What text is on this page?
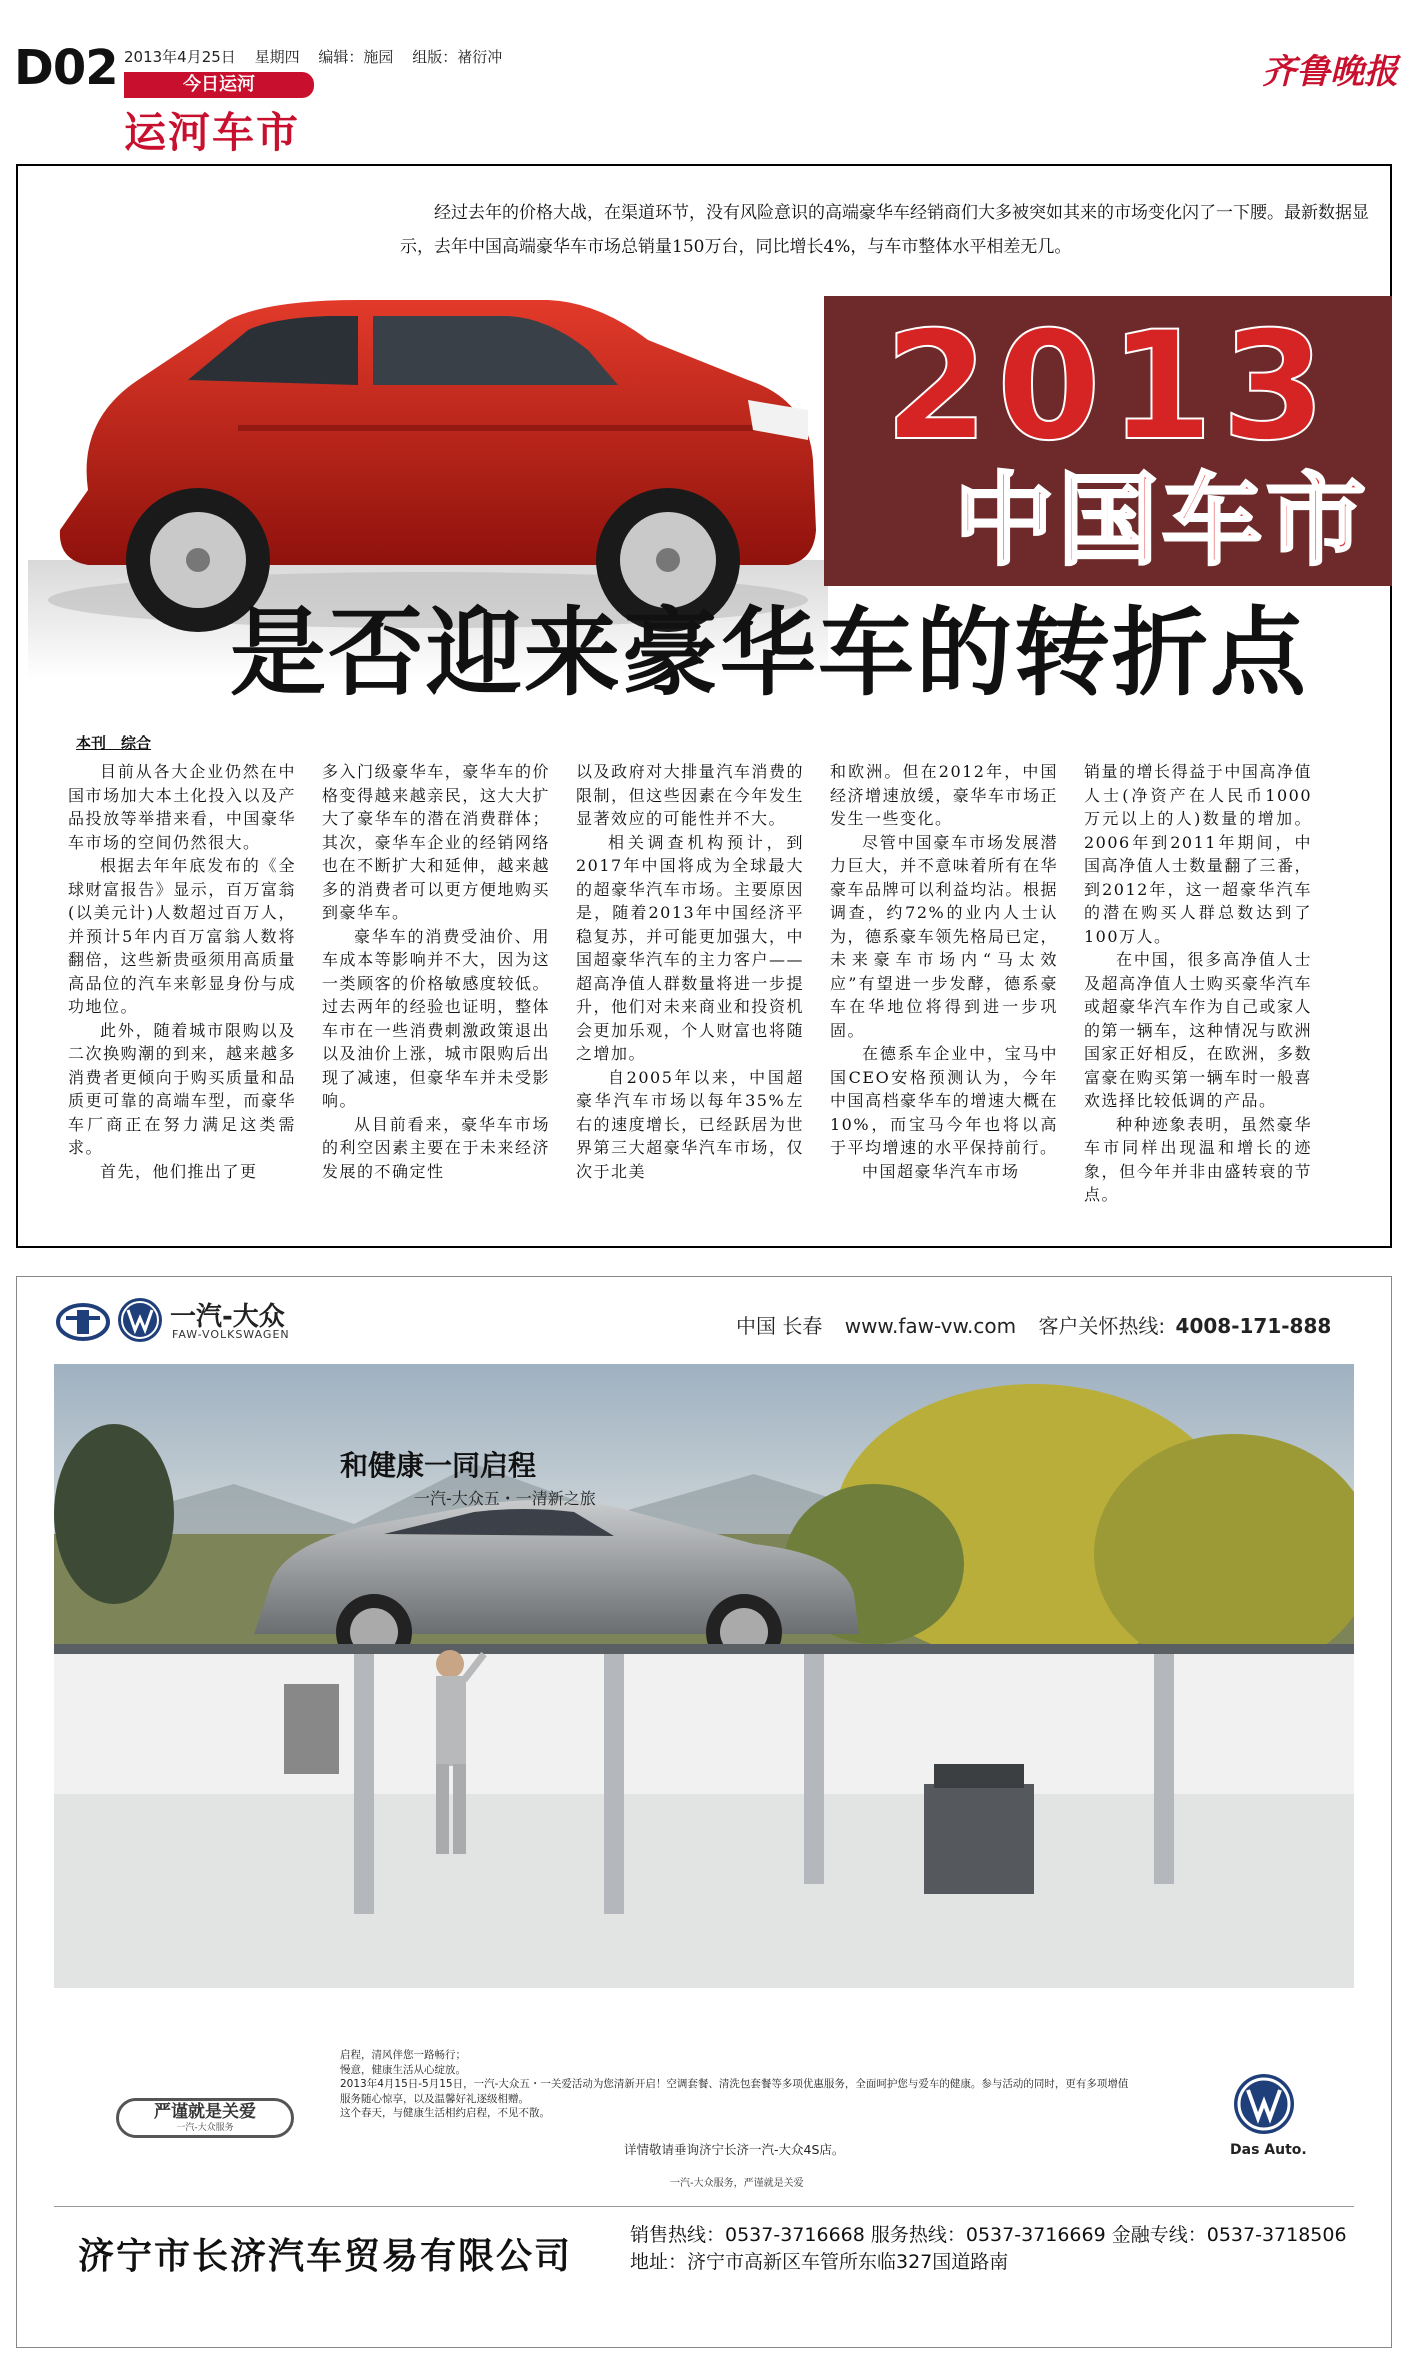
D02 2013年4月25日 星期四 编辑：施园 组版：禇衍冲
今日运河
运河车市
齐鲁晚报
经过去年的价格大战，在渠道环节，没有风险意识的高端豪华车经销商们大多被突如其来的市场变化闪了一下腰。最新数据显示，去年中国高端豪华车市场总销量150万台，同比增长4%，与车市整体水平相差无几。
2013
中国车市
是否迎来豪华车的转折点
本刊　综合

目前从各大企业仍然在中国市场加大本土化投入以及产品投放等举措来看，中国豪华车市场的空间仍然很大。

根据去年年底发布的《全球财富报告》显示，百万富翁(以美元计)人数超过百万人，并预计5年内百万富翁人数将翻倍，这些新贵亟须用高质量高品位的汽车来彰显身份与成功地位。

此外，随着城市限购以及二次换购潮的到来，越来越多消费者更倾向于购买质量和品质更可靠的高端车型，而豪华车厂商正在努力满足这类需求。

首先，他们推出了更

多入门级豪华车，豪华车的价格变得越来越亲民，这大大扩大了豪华车的潜在消费群体；其次，豪华车企业的经销网络也在不断扩大和延伸，越来越多的消费者可以更方便地购买到豪华车。

豪华车的消费受油价、用车成本等影响并不大，因为这一类顾客的价格敏感度较低。过去两年的经验也证明，整体车市在一些消费刺激政策退出以及油价上涨，城市限购后出现了减速，但豪华车并未受影响。

从目前看来，豪华车市场的利空因素主要在于未来经济发展的不确定性

以及政府对大排量汽车消费的限制，但这些因素在今年发生显著效应的可能性并不大。

相关调查机构预计，到2017年中国将成为全球最大的超豪华汽车市场。主要原因是，随着2013年中国经济平稳复苏，并可能更加强大，中国超豪华汽车的主力客户——超高净值人群数量将进一步提升，他们对未来商业和投资机会更加乐观，个人财富也将随之增加。

自2005年以来，中国超豪华汽车市场以每年35%左右的速度增长，已经跃居为世界第三大超豪华汽车市场，仅次于北美

和欧洲。但在2012年，中国经济增速放缓，豪华车市场正发生一些变化。

尽管中国豪车市场发展潜力巨大，并不意味着所有在华豪车品牌可以利益均沾。根据调查，约72%的业内人士认为，德系豪车领先格局已定，未来豪车市场内“马太效应”有望进一步发酵，德系豪车在华地位将得到进一步巩固。

在德系车企业中，宝马中国CEO安格预测认为，今年中国高档豪华车的增速大概在10%，而宝马今年也将以高于平均增速的水平保持前行。

中国超豪华汽车市场

销量的增长得益于中国高净值人士(净资产在人民币1000万元以上的人)数量的增加。2006年到2011年期间，中国高净值人士数量翻了三番，到2012年，这一超豪华汽车的潜在购买人群总数达到了100万人。

在中国，很多高净值人士及超高净值人士购买豪华汽车或超豪华汽车作为自己或家人的第一辆车，这种情况与欧洲国家正好相反，在欧洲，多数富豪在购买第一辆车时一般喜欢选择比较低调的产品。

种种迹象表明，虽然豪华车市同样出现温和增长的迹象，但今年并非由盛转衰的节点。

一汽-大众
FAW-VOLKSWAGEN	中国 长春 www.faw-vw.com 客户关怀热线: 4008-171-888
和健康一同启程
一汽-大众五・一清新之旅
严谨就是关爱
一汽-大众服务

启程，清风伴您一路畅行；

慢意，健康生活从心绽放。

2013年4月15日-5月15日，一汽-大众五・一关爱活动为您清新开启！空调套餐、清洗包套餐等多项优惠服务，全面呵护您与爱车的健康。参与活动的同时，更有多项增值服务随心惊享，以及温馨好礼逐级相赠。

这个春天，与健康生活相约启程，不见不散。

详情敬请垂询济宁长济一汽-大众4S店。
一汽-大众服务，严谨就是关爱
Das Auto.
济宁市长济汽车贸易有限公司
销售热线：0537-3716668 服务热线：0537-3716669 金融专线：0537-3718506
地址：济宁市高新区车管所东临327国道路南
